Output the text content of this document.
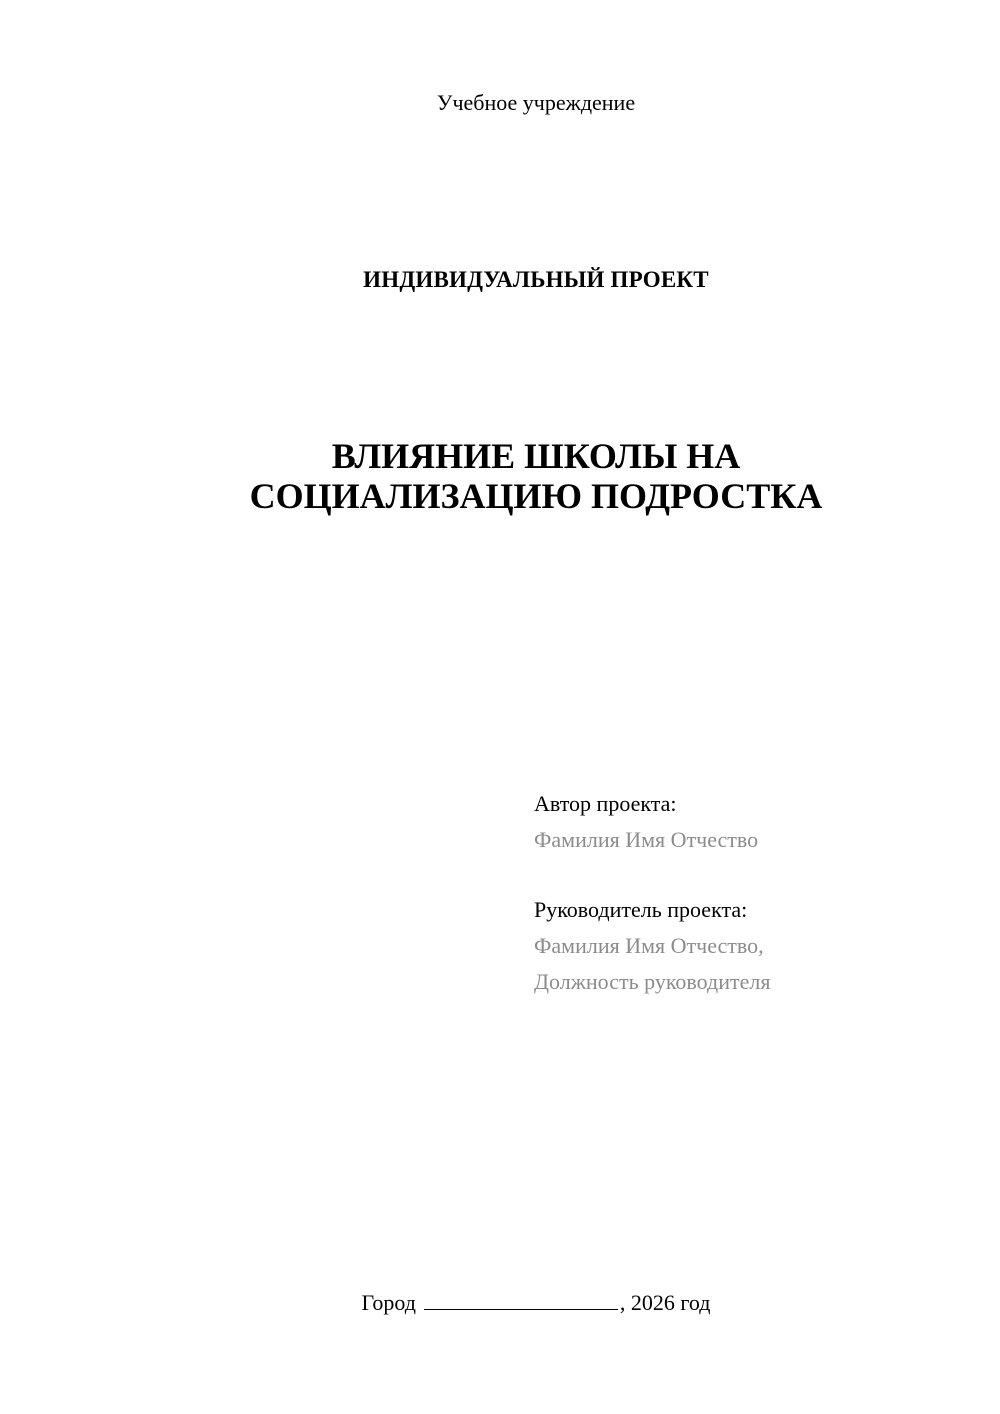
Учебное учреждение
ИНДИВИДУАЛЬНЫЙ ПРОЕКТ
ВЛИЯНИЕ ШКОЛЫ НА
СОЦИАЛИЗАЦИЮ ПОДРОСТКА
Автор проекта:
Фамилия Имя Отчество
Руководитель проекта:
Фамилия Имя Отчество,
Должность руководителя
Город	, 2026 год
